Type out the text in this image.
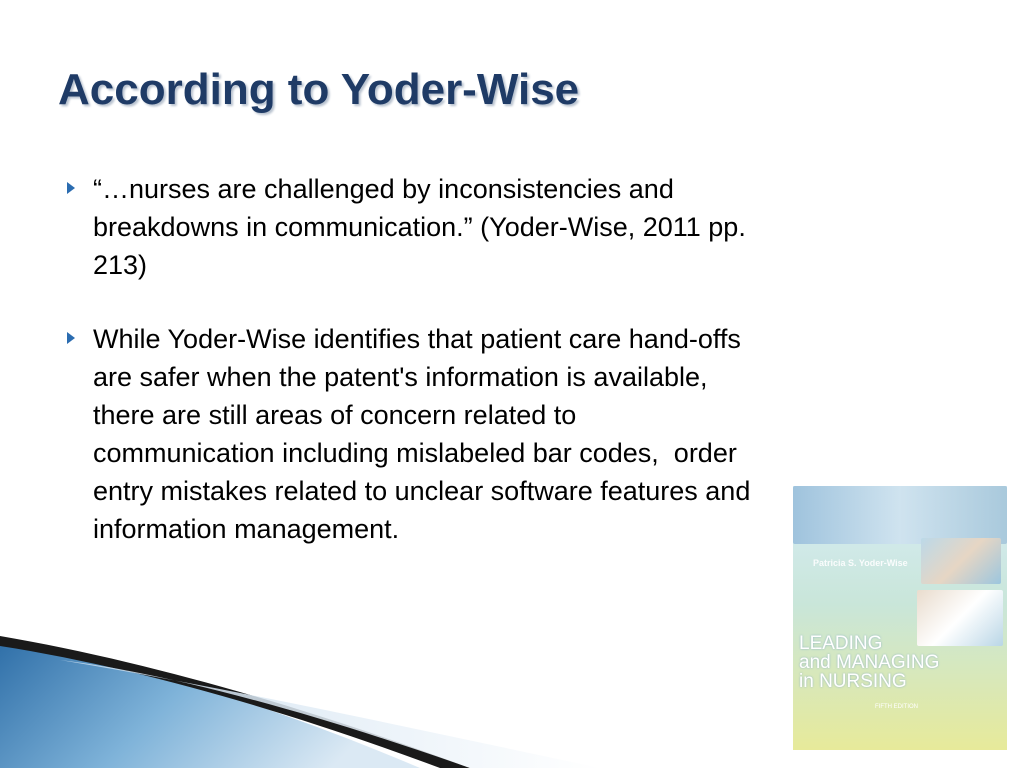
According to Yoder-Wise
“…nurses are challenged by inconsistencies and
breakdowns in communication.” (Yoder-Wise, 2011 pp.
213)
While Yoder-Wise identifies that patient care hand-offs
are safer when the patent's information is available,
there are still areas of concern related to
communication including mislabeled bar codes,  order
entry mistakes related to unclear software features and
information management.
Patricia S. Yoder-Wise
LEADING
and MANAGING
in NURSING
FIFTH EDITION
